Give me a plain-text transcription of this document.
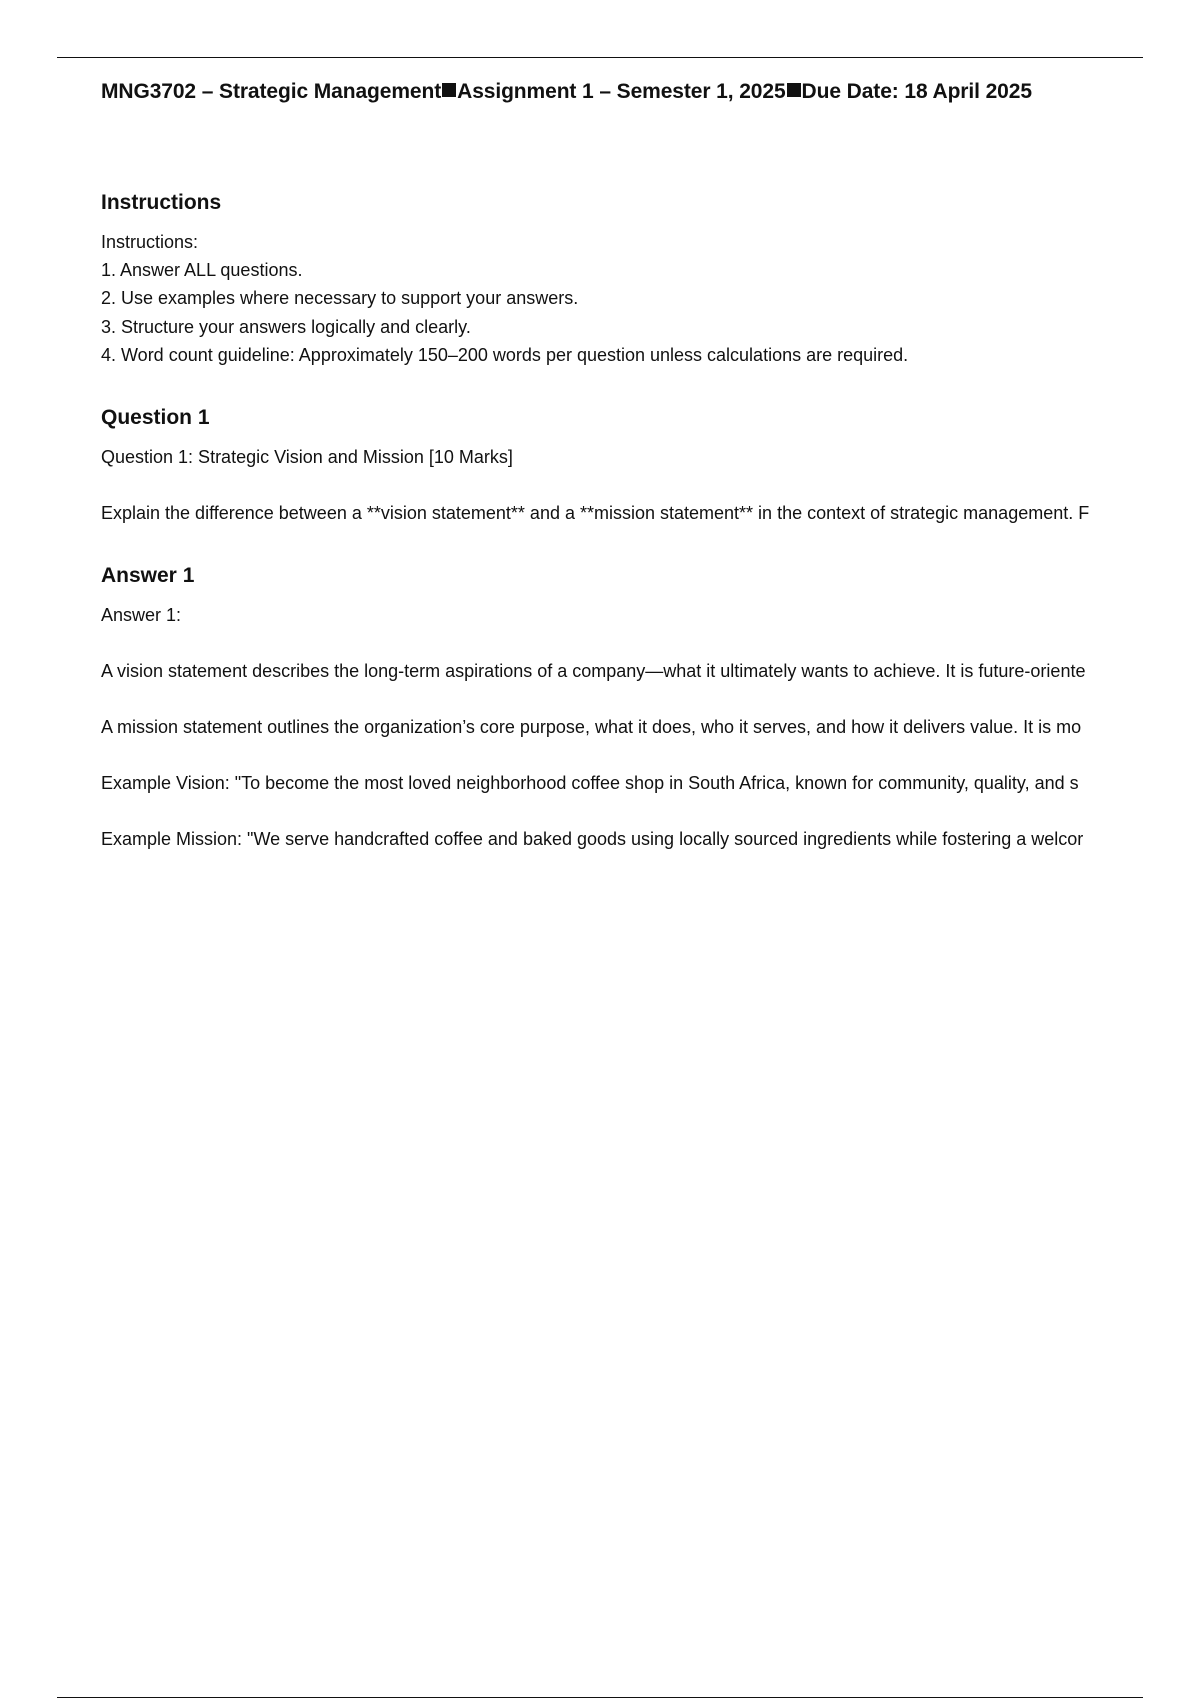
MNG3702 – Strategic Management Assignment 1 – Semester 1, 2025 Due Date: 18 April 2025
Instructions

Instructions:

1. Answer ALL questions.

2. Use examples where necessary to support your answers.

3. Structure your answers logically and clearly.

4. Word count guideline: Approximately 150–200 words per question unless calculations are required.

Question 1

Question 1: Strategic Vision and Mission [10 Marks]

Explain the difference between a **vision statement** and a **mission statement** in the context of strategic management. F

Answer 1

Answer 1:

A vision statement describes the long-term aspirations of a company—what it ultimately wants to achieve. It is future-oriente

A mission statement outlines the organization’s core purpose, what it does, who it serves, and how it delivers value. It is mo

Example Vision: "To become the most loved neighborhood coffee shop in South Africa, known for community, quality, and s

Example Mission: "We serve handcrafted coffee and baked goods using locally sourced ingredients while fostering a welcor
